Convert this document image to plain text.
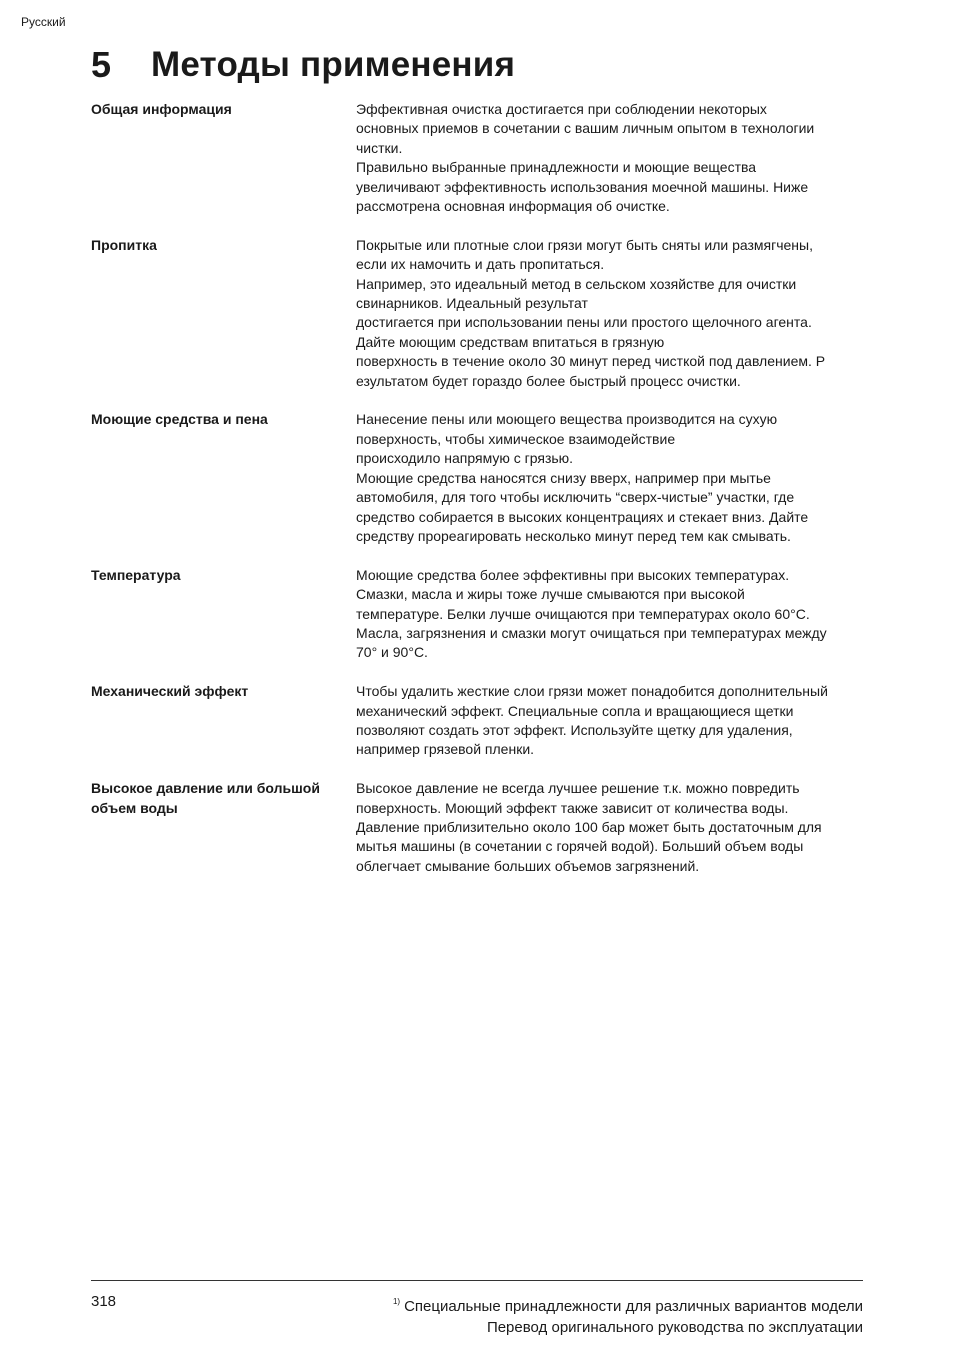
Русский
5	Методы применения
Общая информация	Эффективная очистка достигается при соблюдении некоторых

основных приемов в сочетании с вашим личным опытом в технологии

чистки.

Правильно выбранные принадлежности и моющие вещества

увеличивают эффективность использования моечной машины. Ниже

рассмотрена основная информация об очистке.

Пропитка	Покрытые или плотные слои грязи могут быть сняты или размягчены,

если их намочить и дать пропитаться.

Например, это идеальный метод в сельском хозяйстве для очистки

свинарников. Идеальный результат

достигается при использовании пены или простого щелочного агента.

Дайте моющим средствам впитаться в грязную

поверхность в течение около 30 минут перед чисткой под давлением. Р

езультатом будет гораздо более быстрый процесс очистки.

Моющие средства и пена	Нанесение пены или моющего вещества производится на сухую

поверхность, чтобы химическое взаимодействие

происходило напрямую с грязью.

Моющие средства наносятся снизу вверх, например при мытье

автомобиля, для того чтобы исключить “сверх-чистые” участки, где

средство собирается в высоких концентрациях и стекает вниз. Дайте

средству прореагировать несколько минут перед тем как смывать.

Температура	Моющие средства более эффективны при высоких температурах.

Смазки, масла и жиры тоже лучше смываются при высокой

температуре. Белки лучше очищаются при температурах около 60°C.

Масла, загрязнения и смазки могут очищаться при температурах между

70° и 90°C.

Механический эффект	Чтобы удалить жесткие слои грязи может понадобится дополнительный

механический эффект. Специальные сопла и вращающиеся щетки

позволяют создать этот эффект. Используйте щетку для удаления,

например грязевой пленки.

Высокое давление или большой объем воды

Высокое давление не всегда лучшее решение т.к. можно повредить

поверхность. Моющий эффект также зависит от количества воды.

Давление приблизительно около 100 бар может быть достаточным для

мытья машины (в сочетании с горячей водой). Больший объем воды

облегчает смывание больших объемов загрязнений.

318	$^{1)}$ Специальные принадлежности для различных вариантов модели
Перевод оригинального руководства по эксплуатации
